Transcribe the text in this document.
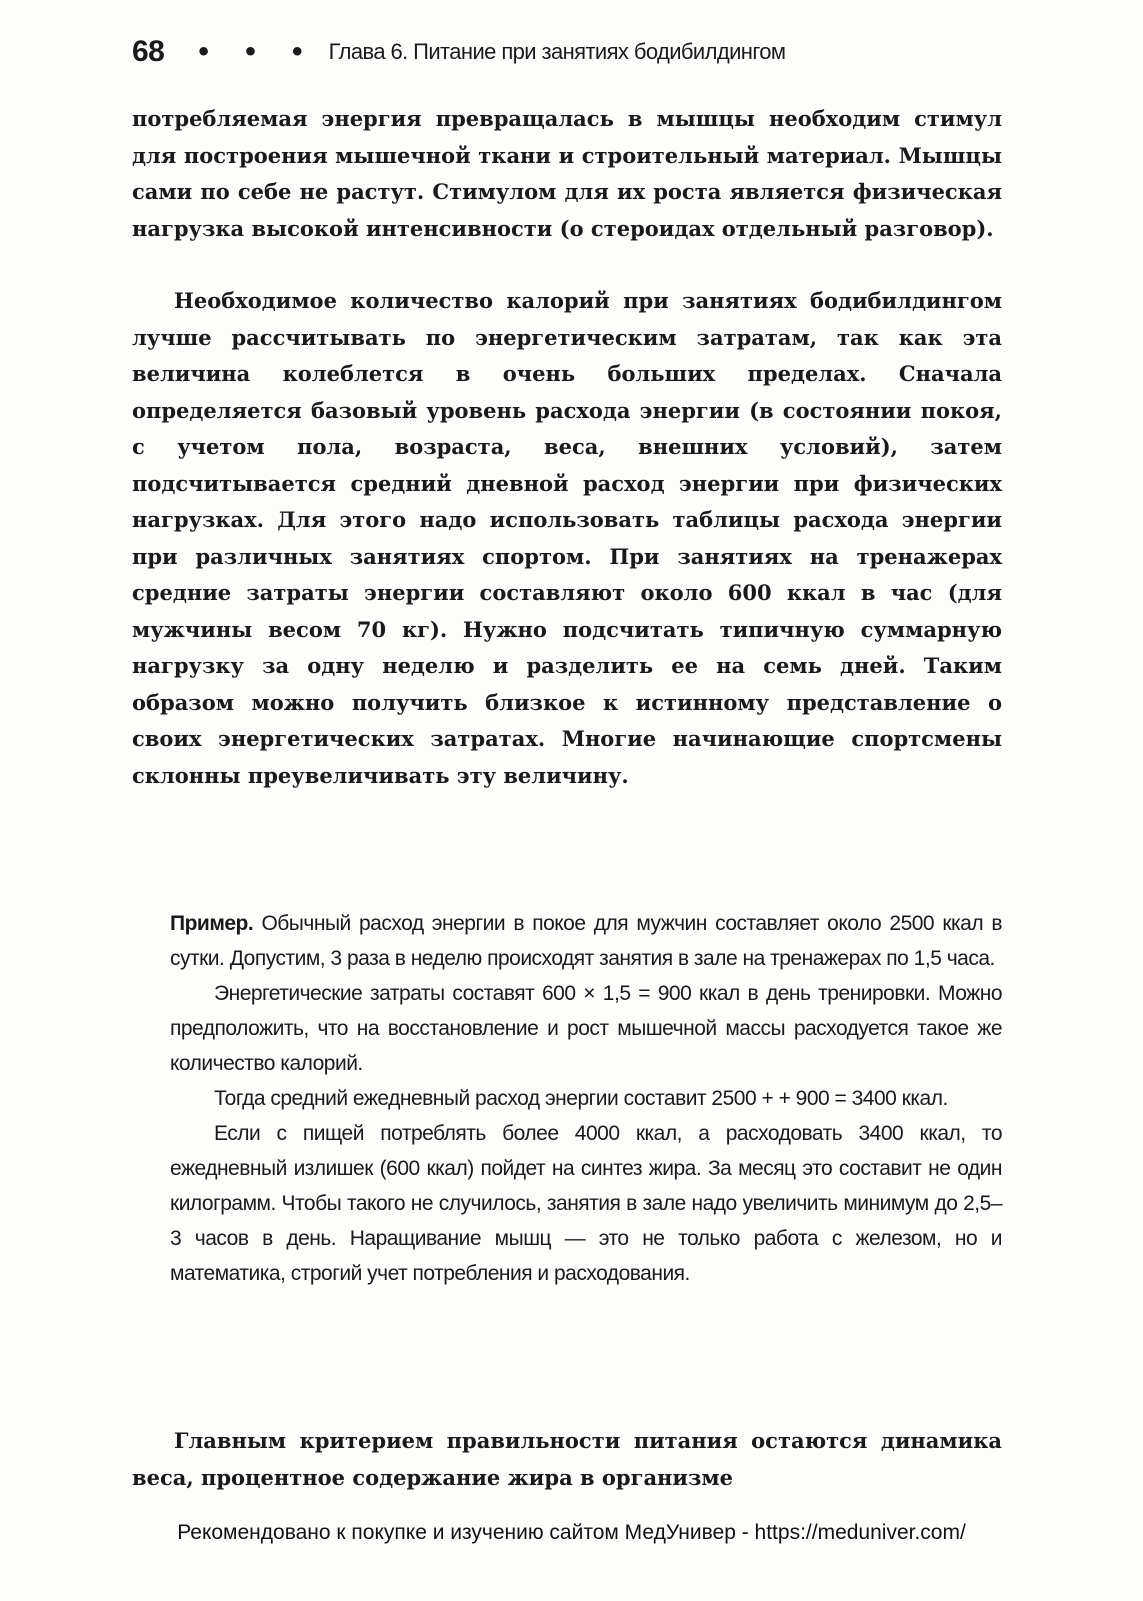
68 • • • Глава 6. Питание при занятиях бодибилдингом

потребляемая энергия превращалась в мышцы необходим стимул для построения мышечной ткани и строительный материал. Мышцы сами по себе не растут. Стимулом для их роста является физическая нагрузка высокой интенсивности (о стероидах отдельный разговор).

Необходимое количество калорий при занятиях бодибилдингом лучше рассчитывать по энергетическим затратам, так как эта величина колеблется в очень больших пределах. Сначала определяется базовый уровень расхода энергии (в состоянии покоя, с учетом пола, возраста, веса, внешних условий), затем подсчитывается средний дневной расход энергии при физических нагрузках. Для этого надо использовать таблицы расхода энергии при различных занятиях спортом. При занятиях на тренажерах средние затраты энергии составляют около 600 ккал в час (для мужчины весом 70 кг). Нужно подсчитать типичную суммарную нагрузку за одну неделю и разделить ее на семь дней. Таким образом можно получить близкое к истинному представление о своих энергетических затратах. Многие начинающие спортсмены склонны преувеличивать эту величину.

Пример. Обычный расход энергии в покое для мужчин составляет около 2500 ккал в сутки. Допустим, 3 раза в неделю происходят занятия в зале на тренажерах по 1,5 часа.

Энергетические затраты составят 600 × 1,5 = 900 ккал в день тренировки. Можно предположить, что на восстановление и рост мышечной массы расходуется такое же количество калорий.

Тогда средний ежедневный расход энергии составит 2500 + + 900 = 3400 ккал.

Если с пищей потреблять более 4000 ккал, а расходовать 3400 ккал, то ежедневный излишек (600 ккал) пойдет на синтез жира. За месяц это составит не один килограмм. Чтобы такого не случилось, занятия в зале надо увеличить минимум до 2,5–3 часов в день. Наращивание мышц — это не только работа с железом, но и математика, строгий учет потребления и расходования.

Главным критерием правильности питания остаются динамика веса, процентное содержание жира в организме

Рекомендовано к покупке и изучению сайтом МедУнивер - https://meduniver.com/
